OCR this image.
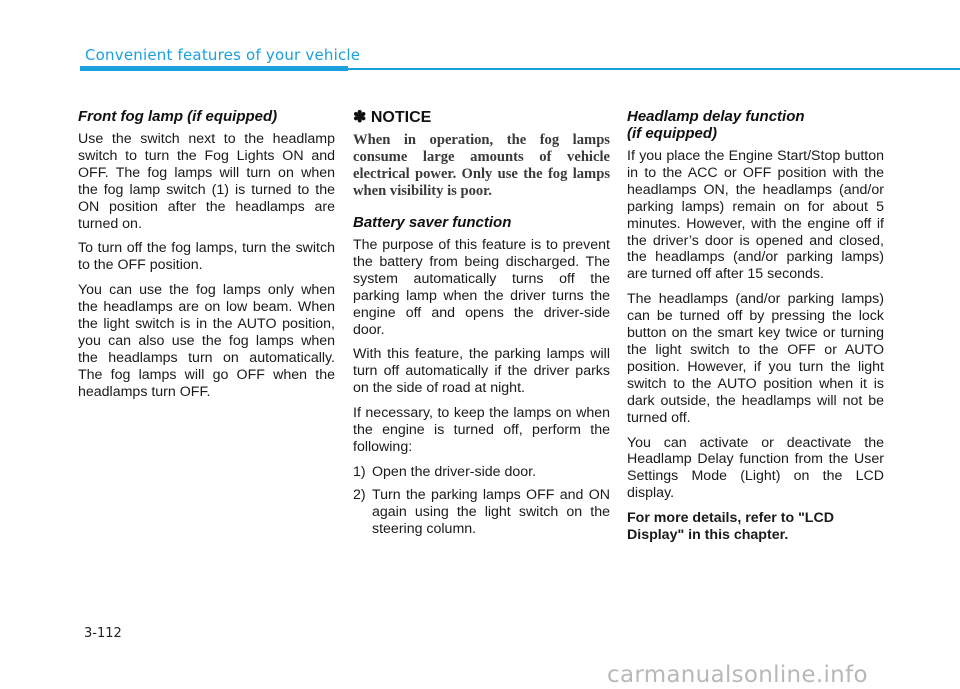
Convenient features of your vehicle
Front fog lamp (if equipped)

Use the switch next to the headlamp switch to turn the Fog Lights ON and OFF. The fog lamps will turn on when the fog lamp switch (1) is turned to the ON position after the headlamps are turned on.

To turn off the fog lamps, turn the switch to the OFF position.

You can use the fog lamps only when the headlamps are on low beam. When the light switch is in the AUTO position, you can also use the fog lamps when the headlamps turn on automatically. The fog lamps will go OFF when the headlamps turn OFF.

✽ NOTICE

When in operation, the fog lamps consume large amounts of vehicle electrical power. Only use the fog lamps when visibility is poor.

Battery saver function

The purpose of this feature is to prevent the battery from being discharged. The system automatically turns off the parking lamp when the driver turns the engine off and opens the driver-side door.

With this feature, the parking lamps will turn off automatically if the driver parks on the side of road at night.

If necessary, to keep the lamps on when the engine is turned off, perform the following:

1) Open the driver-side door.
2) Turn the parking lamps OFF and ON again using the light switch on the steering column.
Headlamp delay function
(if equipped)

If you place the Engine Start/Stop button in to the ACC or OFF position with the headlamps ON, the headlamps (and/or parking lamps) remain on for about 5 minutes. However, with the engine off if the driver’s door is opened and closed, the headlamps (and/or parking lamps) are turned off after 15 seconds.

The headlamps (and/or parking lamps) can be turned off by pressing the lock button on the smart key twice or turning the light switch to the OFF or AUTO position. However, if you turn the light switch to the AUTO position when it is dark outside, the headlamps will not be turned off.

You can activate or deactivate the Headlamp Delay function from the User Settings Mode (Light) on the LCD display.

For more details, refer to "LCD Display" in this chapter.

3-112
carmanualsonline.info
